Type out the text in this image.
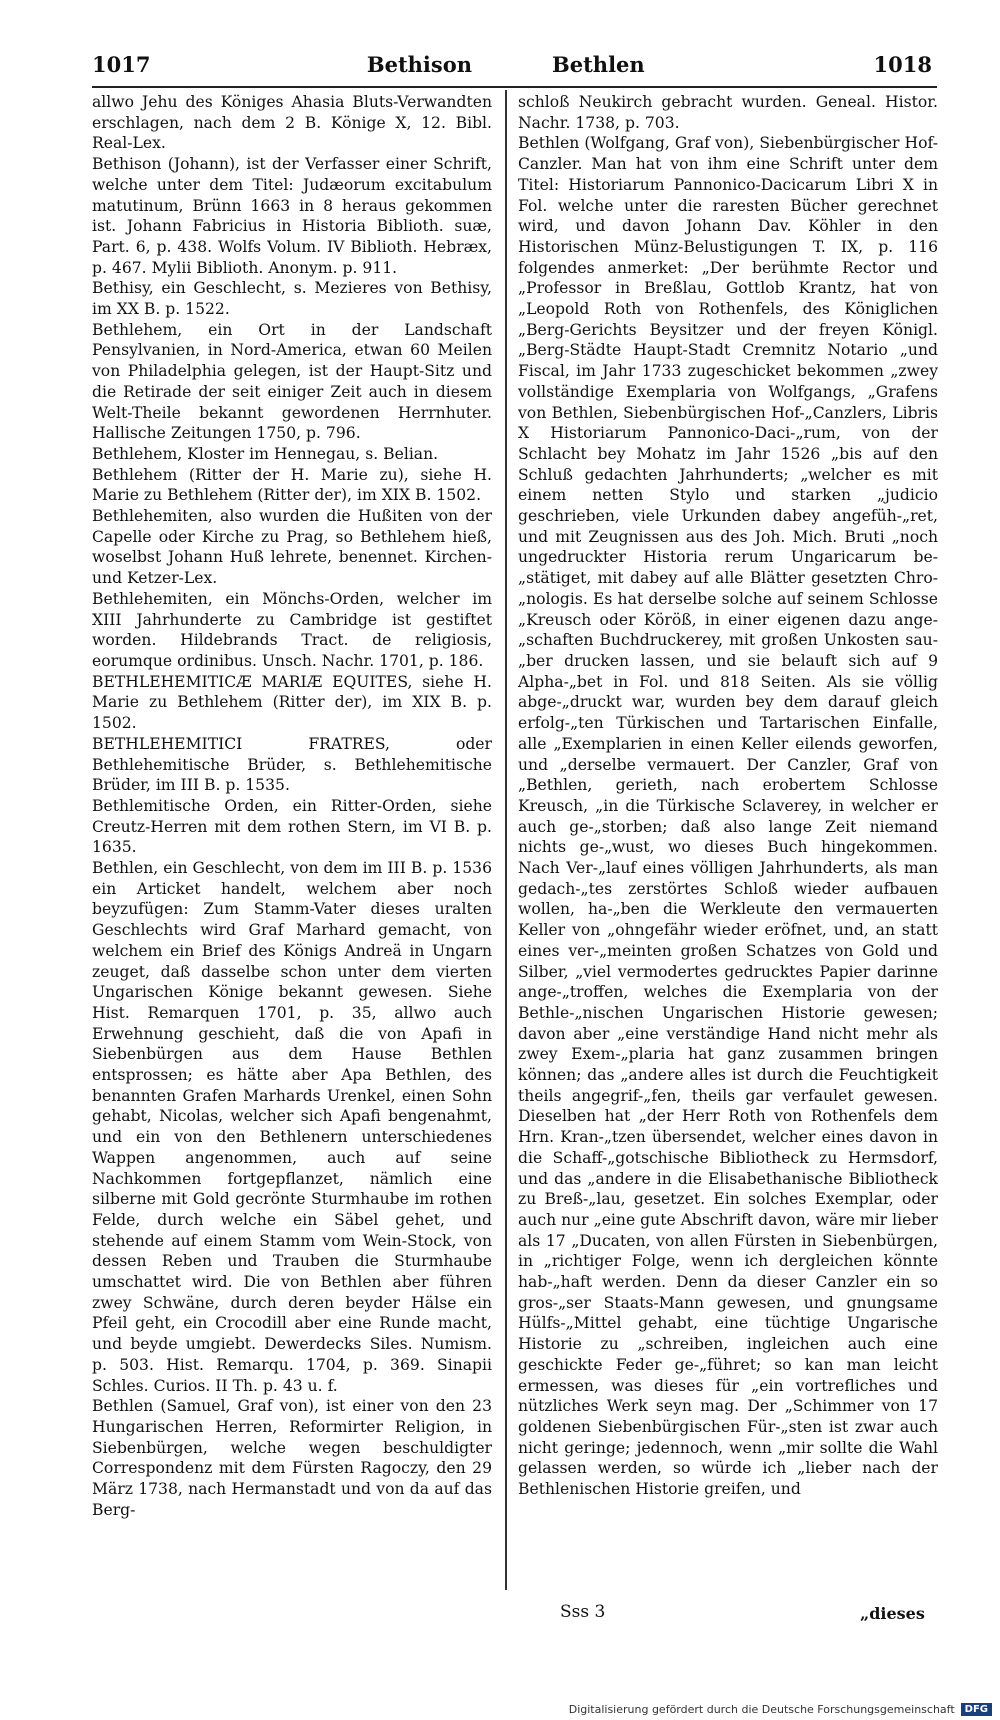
1017	Bethison	Bethlen	1018

allwo Jehu des Königes Ahasia Bluts-Verwandten erschlagen, nach dem 2 B. Könige X, 12. Bibl. Real-Lex.

Bethison (Johann), ist der Verfasser einer Schrift, welche unter dem Titel: Judæorum excitabulum matutinum, Brünn 1663 in 8 heraus gekommen ist. Johann Fabricius in Historia Biblioth. suæ, Part. 6, p. 438. Wolfs Volum. IV Biblioth. Hebræx, p. 467. Mylii Biblioth. Anonym. p. 911.

Bethisy, ein Geschlecht, s. Mezieres von Bethisy, im XX B. p. 1522.

Bethlehem, ein Ort in der Landschaft Pensylvanien, in Nord-America, etwan 60 Meilen von Philadelphia gelegen, ist der Haupt-Sitz und die Retirade der seit einiger Zeit auch in diesem Welt-Theile bekannt gewordenen Herrnhuter. Hallische Zeitungen 1750, p. 796.

Bethlehem, Kloster im Hennegau, s. Belian.

Bethlehem (Ritter der H. Marie zu), siehe H. Marie zu Bethlehem (Ritter der), im XIX B. 1502.

Bethlehemiten, also wurden die Hußiten von der Capelle oder Kirche zu Prag, so Bethlehem hieß, woselbst Johann Huß lehrete, benennet. Kirchen- und Ketzer-Lex.

Bethlehemiten, ein Mönchs-Orden, welcher im XIII Jahrhunderte zu Cambridge ist gestiftet worden. Hildebrands Tract. de religiosis, eorumque ordinibus. Unsch. Nachr. 1701, p. 186.

BETHLEHEMITICÆ MARIÆ EQUITES, siehe H. Marie zu Bethlehem (Ritter der), im XIX B. p. 1502.

BETHLEHEMITICI FRATRES, oder Bethlehemitische Brüder, s. Bethlehemitische Brüder, im III B. p. 1535.

Bethlemitische Orden, ein Ritter-Orden, siehe Creutz-Herren mit dem rothen Stern, im VI B. p. 1635.

Bethlen, ein Geschlecht, von dem im III B. p. 1536 ein Articket handelt, welchem aber noch beyzufügen: Zum Stamm-Vater dieses uralten Geschlechts wird Graf Marhard gemacht, von welchem ein Brief des Königs Andreä in Ungarn zeuget, daß dasselbe schon unter dem vierten Ungarischen Könige bekannt gewesen. Siehe Hist. Remarquen 1701, p. 35, allwo auch Erwehnung geschieht, daß die von Apafi in Siebenbürgen aus dem Hause Bethlen entsprossen; es hätte aber Apa Bethlen, des benannten Grafen Marhards Urenkel, einen Sohn gehabt, Nicolas, welcher sich Apafi bengenahmt, und ein von den Bethlenern unterschiedenes Wappen angenommen, auch auf seine Nachkommen fortgepflanzet, nämlich eine silberne mit Gold gecrönte Sturmhaube im rothen Felde, durch welche ein Säbel gehet, und stehende auf einem Stamm vom Wein-Stock, von dessen Reben und Trauben die Sturmhaube umschattet wird. Die von Bethlen aber führen zwey Schwäne, durch deren beyder Hälse ein Pfeil geht, ein Crocodill aber eine Runde macht, und beyde umgiebt. Dewerdecks Siles. Numism. p. 503. Hist. Remarqu. 1704, p. 369. Sinapii Schles. Curios. II Th. p. 43 u. f.

Bethlen (Samuel, Graf von), ist einer von den 23 Hungarischen Herren, Reformirter Religion, in Siebenbürgen, welche wegen beschuldigter Correspondenz mit dem Fürsten Ragoczy, den 29 März 1738, nach Hermanstadt und von da auf das Berg-

schloß Neukirch gebracht wurden. Geneal. Histor. Nachr. 1738, p. 703.

Bethlen (Wolfgang, Graf von), Siebenbürgischer Hof-Canzler. Man hat von ihm eine Schrift unter dem Titel: Historiarum Pannonico-Dacicarum Libri X in Fol. welche unter die raresten Bücher gerechnet wird, und davon Johann Dav. Köhler in den Historischen Münz-Belustigungen T. IX, p. 116 folgendes anmerket: „Der berühmte Rector und „Professor in Breßlau, Gottlob Krantz, hat von „Leopold Roth von Rothenfels, des Königlichen „Berg-Gerichts Beysitzer und der freyen Königl. „Berg-Städte Haupt-Stadt Cremnitz Notario „und Fiscal, im Jahr 1733 zugeschicket bekommen „zwey vollständige Exemplaria von Wolfgangs, „Grafens von Bethlen, Siebenbürgischen Hof-„Canzlers, Libris X Historiarum Pannonico-Daci-„rum, von der Schlacht bey Mohatz im Jahr 1526 „bis auf den Schluß gedachten Jahrhunderts; „welcher es mit einem netten Stylo und starken „judicio geschrieben, viele Urkunden dabey angefüh-„ret, und mit Zeugnissen aus des Joh. Mich. Bruti „noch ungedruckter Historia rerum Ungaricarum be-„stätiget, mit dabey auf alle Blätter gesetzten Chro-„nologis. Es hat derselbe solche auf seinem Schlosse „Kreusch oder Köröß, in einer eigenen dazu ange-„schaften Buchdruckerey, mit großen Unkosten sau-„ber drucken lassen, und sie belauft sich auf 9 Alpha-„bet in Fol. und 818 Seiten. Als sie völlig abge-„druckt war, wurden bey dem darauf gleich erfolg-„ten Türkischen und Tartarischen Einfalle, alle „Exemplarien in einen Keller eilends geworfen, und „derselbe vermauert. Der Canzler, Graf von „Bethlen, gerieth, nach erobertem Schlosse Kreusch, „in die Türkische Sclaverey, in welcher er auch ge-„storben; daß also lange Zeit niemand nichts ge-„wust, wo dieses Buch hingekommen. Nach Ver-„lauf eines völligen Jahrhunderts, als man gedach-„tes zerstörtes Schloß wieder aufbauen wollen, ha-„ben die Werkleute den vermauerten Keller von „ohngefähr wieder eröfnet, und, an statt eines ver-„meinten großen Schatzes von Gold und Silber, „viel vermodertes gedrucktes Papier darinne ange-„troffen, welches die Exemplaria von der Bethle-„nischen Ungarischen Historie gewesen; davon aber „eine verständige Hand nicht mehr als zwey Exem-„plaria hat ganz zusammen bringen können; das „andere alles ist durch die Feuchtigkeit theils angegrif-„fen, theils gar verfaulet gewesen. Dieselben hat „der Herr Roth von Rothenfels dem Hrn. Kran-„tzen übersendet, welcher eines davon in die Schaff-„gotschische Bibliotheck zu Hermsdorf, und das „andere in die Elisabethanische Bibliotheck zu Breß-„lau, gesetzet. Ein solches Exemplar, oder auch nur „eine gute Abschrift davon, wäre mir lieber als 17 „Ducaten, von allen Fürsten in Siebenbürgen, in „richtiger Folge, wenn ich dergleichen könnte hab-„haft werden. Denn da dieser Canzler ein so gros-„ser Staats-Mann gewesen, und gnungsame Hülfs-„Mittel gehabt, eine tüchtige Ungarische Historie zu „schreiben, ingleichen auch eine geschickte Feder ge-„führet; so kan man leicht ermessen, was dieses für „ein vortrefliches und nützliches Werk seyn mag. Der „Schimmer von 17 goldenen Siebenbürgischen Für-„sten ist zwar auch nicht geringe; jedennoch, wenn „mir sollte die Wahl gelassen werden, so würde ich „lieber nach der Bethlenischen Historie greifen, und

Sss 3	„dieses
Digitalisierung gefördert durch die Deutsche Forschungsgemeinschaft	DFG
